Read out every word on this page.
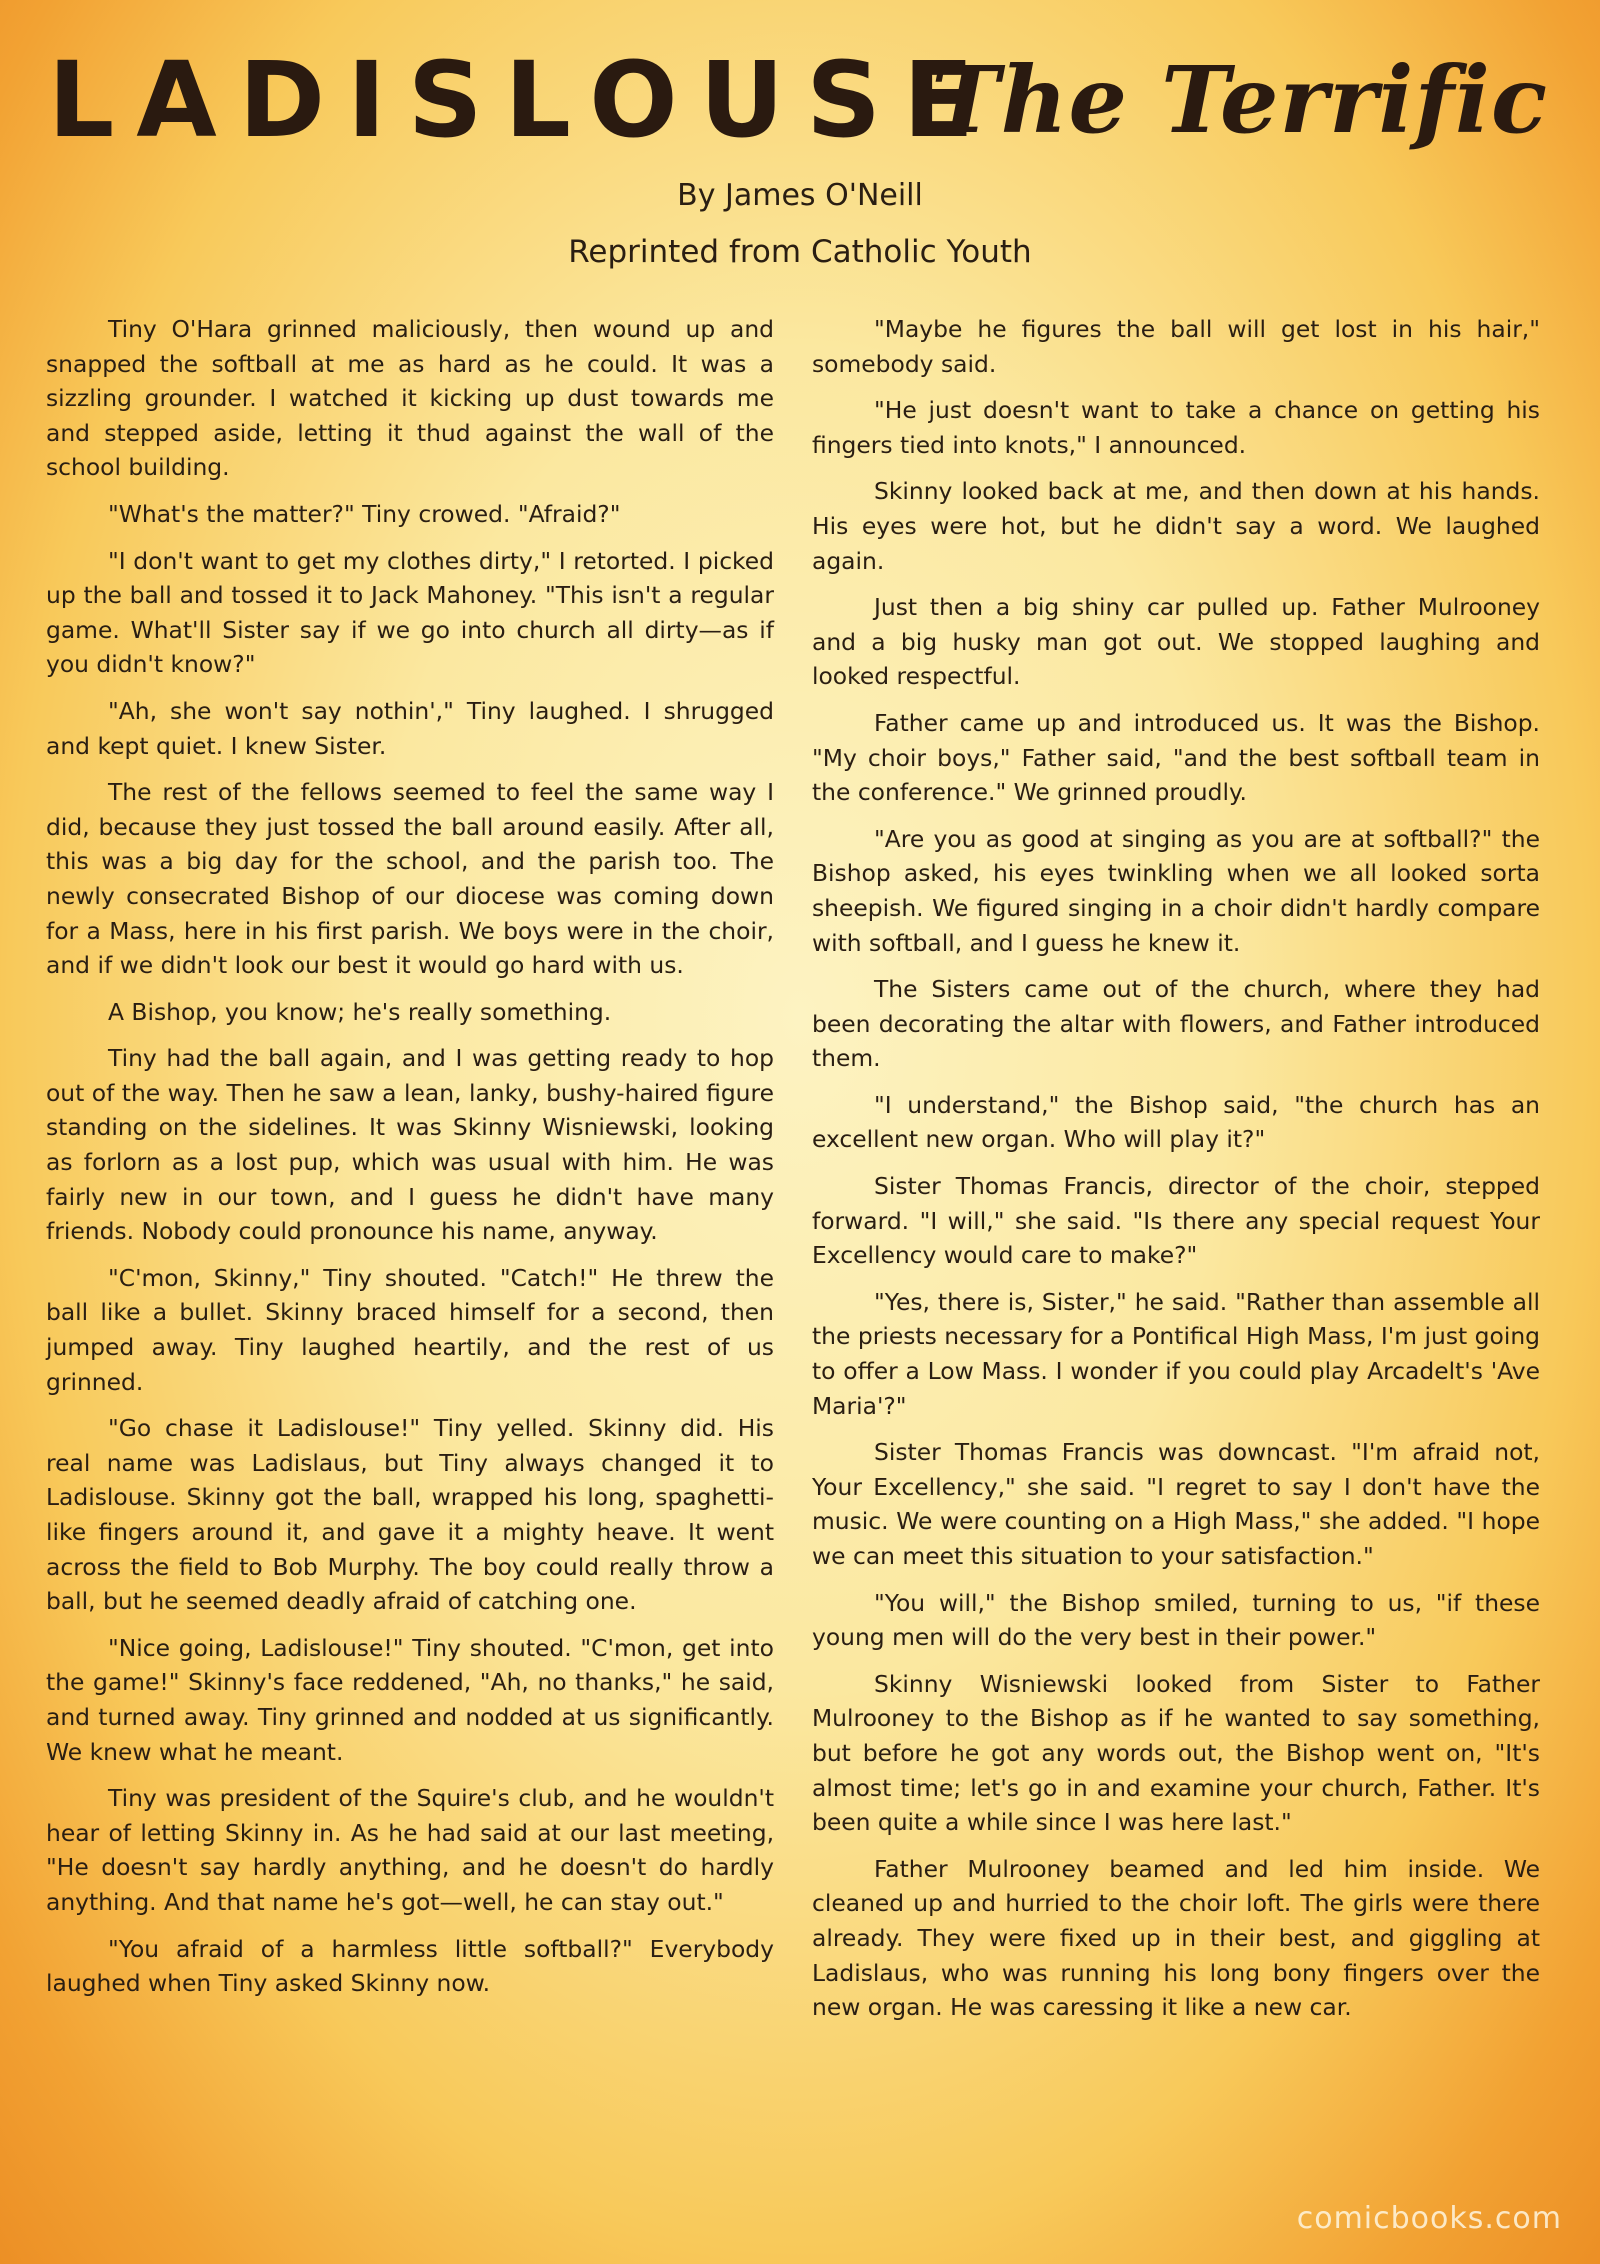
LADISLOUSE
The Terrific
By James O'Neill
Reprinted from Catholic Youth

Tiny O'Hara grinned maliciously, then wound up and snapped the softball at me as hard as he could. It was a sizzling grounder. I watched it kicking up dust towards me and stepped aside, letting it thud against the wall of the school building.

"What's the matter?" Tiny crowed. "Afraid?"

"I don't want to get my clothes dirty," I retorted. I picked up the ball and tossed it to Jack Mahoney. "This isn't a regular game. What'll Sister say if we go into church all dirty—as if you didn't know?"

"Ah, she won't say nothin'," Tiny laughed. I shrugged and kept quiet. I knew Sister.

The rest of the fellows seemed to feel the same way I did, because they just tossed the ball around easily. After all, this was a big day for the school, and the parish too. The newly consecrated Bishop of our diocese was coming down for a Mass, here in his first parish. We boys were in the choir, and if we didn't look our best it would go hard with us.

A Bishop, you know; he's really something.

Tiny had the ball again, and I was getting ready to hop out of the way. Then he saw a lean, lanky, bushy-haired figure standing on the sidelines. It was Skinny Wisniewski, looking as forlorn as a lost pup, which was usual with him. He was fairly new in our town, and I guess he didn't have many friends. Nobody could pronounce his name, anyway.

"C'mon, Skinny," Tiny shouted. "Catch!" He threw the ball like a bullet. Skinny braced himself for a second, then jumped away. Tiny laughed heartily, and the rest of us grinned.

"Go chase it Ladislouse!" Tiny yelled. Skinny did. His real name was Ladislaus, but Tiny always changed it to Ladislouse. Skinny got the ball, wrapped his long, spaghetti-like fingers around it, and gave it a mighty heave. It went across the field to Bob Murphy. The boy could really throw a ball, but he seemed deadly afraid of catching one.

"Nice going, Ladislouse!" Tiny shouted. "C'mon, get into the game!" Skinny's face reddened, "Ah, no thanks," he said, and turned away. Tiny grinned and nodded at us significantly. We knew what he meant.

Tiny was president of the Squire's club, and he wouldn't hear of letting Skinny in. As he had said at our last meeting, "He doesn't say hardly anything, and he doesn't do hardly anything. And that name he's got—well, he can stay out."

"You afraid of a harmless little softball?" Everybody laughed when Tiny asked Skinny now.

"Maybe he figures the ball will get lost in his hair," somebody said.

"He just doesn't want to take a chance on getting his fingers tied into knots," I announced.

Skinny looked back at me, and then down at his hands. His eyes were hot, but he didn't say a word. We laughed again.

Just then a big shiny car pulled up. Father Mulrooney and a big husky man got out. We stopped laughing and looked respectful.

Father came up and introduced us. It was the Bishop. "My choir boys," Father said, "and the best softball team in the conference." We grinned proudly.

"Are you as good at singing as you are at softball?" the Bishop asked, his eyes twinkling when we all looked sorta sheepish. We figured singing in a choir didn't hardly compare with softball, and I guess he knew it.

The Sisters came out of the church, where they had been decorating the altar with flowers, and Father introduced them.

"I understand," the Bishop said, "the church has an excellent new organ. Who will play it?"

Sister Thomas Francis, director of the choir, stepped forward. "I will," she said. "Is there any special request Your Excellency would care to make?"

"Yes, there is, Sister," he said. "Rather than assemble all the priests necessary for a Pontifical High Mass, I'm just going to offer a Low Mass. I wonder if you could play Arcadelt's 'Ave Maria'?"

Sister Thomas Francis was downcast. "I'm afraid not, Your Excellency," she said. "I regret to say I don't have the music. We were counting on a High Mass," she added. "I hope we can meet this situation to your satisfaction."

"You will," the Bishop smiled, turning to us, "if these young men will do the very best in their power."

Skinny Wisniewski looked from Sister to Father Mulrooney to the Bishop as if he wanted to say something, but before he got any words out, the Bishop went on, "It's almost time; let's go in and examine your church, Father. It's been quite a while since I was here last."

Father Mulrooney beamed and led him inside. We cleaned up and hurried to the choir loft. The girls were there already. They were fixed up in their best, and giggling at Ladislaus, who was running his long bony fingers over the new organ. He was caressing it like a new car.

comicbooks.com
